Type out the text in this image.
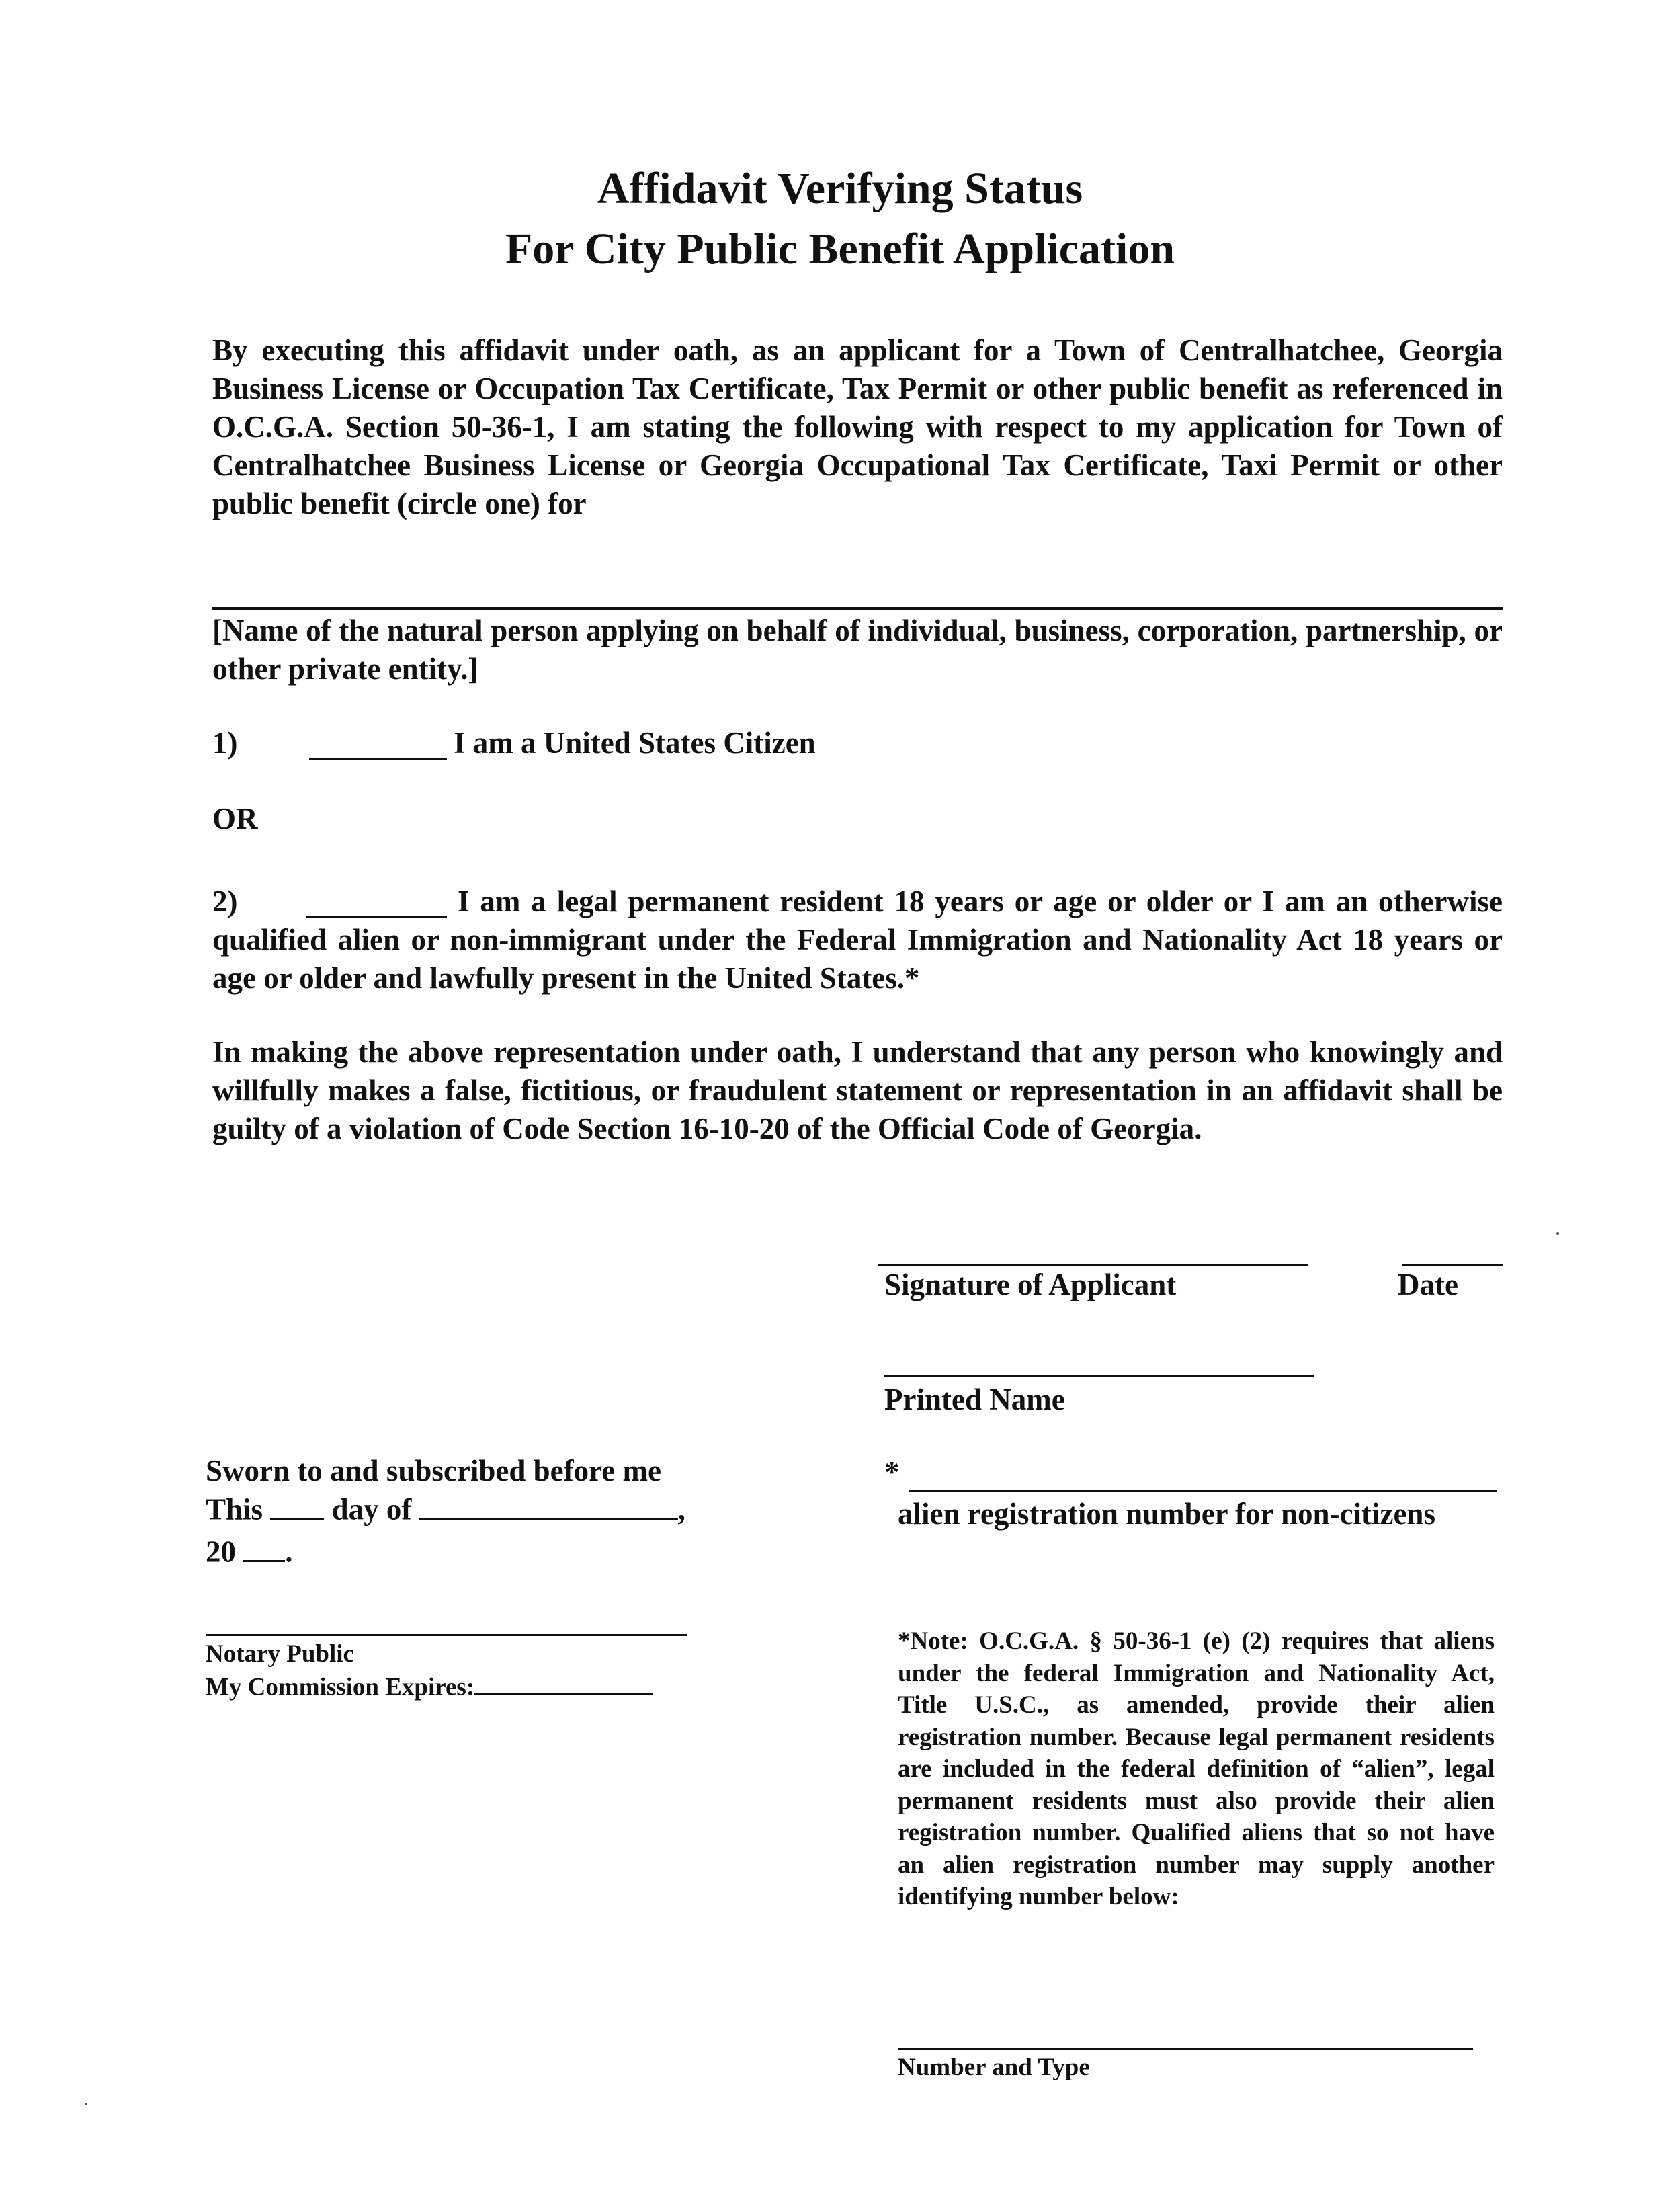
Affidavit Verifying Status
For City Public Benefit Application
By executing this affidavit under oath, as an applicant for a Town of Centralhatchee, Georgia Business License or Occupation Tax Certificate, Tax Permit or other public benefit as referenced in O.C.G.A. Section 50-36-1, I am stating the following with respect to my application for Town of Centralhatchee Business License or Georgia Occupational Tax Certificate, Taxi Permit or other public benefit (circle one) for
[Name of the natural person applying on behalf of individual, business, corporation, partnership, or other private entity.]
1)	I am a United States Citizen
OR
2)	I am a legal permanent resident 18 years or age or older or I am an otherwise qualified alien or non-immigrant under the Federal Immigration and Nationality Act 18 years or age or older and lawfully present in the United States.*
In making the above representation under oath, I understand that any person who knowingly and willfully makes a false, fictitious, or fraudulent statement or representation in an affidavit shall be guilty of a violation of Code Section 16-10-20 of the Official Code of Georgia.
Signature of Applicant	Date
Printed Name
*
alien registration number for non-citizens
Sworn to and subscribed before me
This day of	,
20 .
Notary Public
My Commission Expires:
*Note: O.C.G.A. § 50-36-1 (e) (2) requires that aliens under the federal Immigration and Nationality Act, Title U.S.C., as amended, provide their alien registration number. Because legal permanent residents are included in the federal definition of “alien”, legal permanent residents must also provide their alien registration number. Qualified aliens that so not have an alien registration number may supply another identifying number below:
Number and Type
